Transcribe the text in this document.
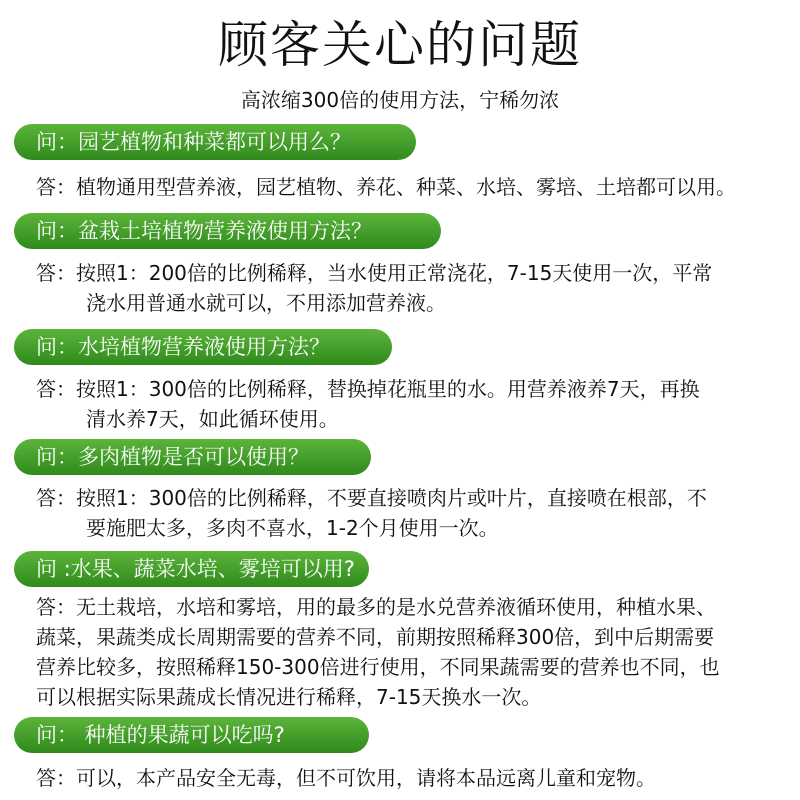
顾客关心的问题
高浓缩300倍的使用方法，宁稀勿浓
问：园艺植物和种菜都可以用么？
答：植物通用型营养液，园艺植物、养花、种菜、水培、雾培、土培都可以用。
问：盆栽土培植物营养液使用方法？
答：按照1：200倍的比例稀释，当水使用正常浇花，7-15天使用一次，平常
浇水用普通水就可以，不用添加营养液。
问：水培植物营养液使用方法？
答：按照1：300倍的比例稀释，替换掉花瓶里的水。用营养液养7天，再换
清水养7天，如此循环使用。
问：多肉植物是否可以使用？
答：按照1：300倍的比例稀释，不要直接喷肉片或叶片，直接喷在根部，不
要施肥太多，多肉不喜水，1-2个月使用一次。
问 :水果、蔬菜水培、雾培可以用?
答：无土栽培，水培和雾培，用的最多的是水兑营养液循环使用，种植水果、
蔬菜，果蔬类成长周期需要的营养不同，前期按照稀释300倍，到中后期需要
营养比较多，按照稀释150-300倍进行使用，不同果蔬需要的营养也不同，也
可以根据实际果蔬成长情况进行稀释，7-15天换水一次。
问： 种植的果蔬可以吃吗?
答：可以，本产品安全无毒，但不可饮用，请将本品远离儿童和宠物。
